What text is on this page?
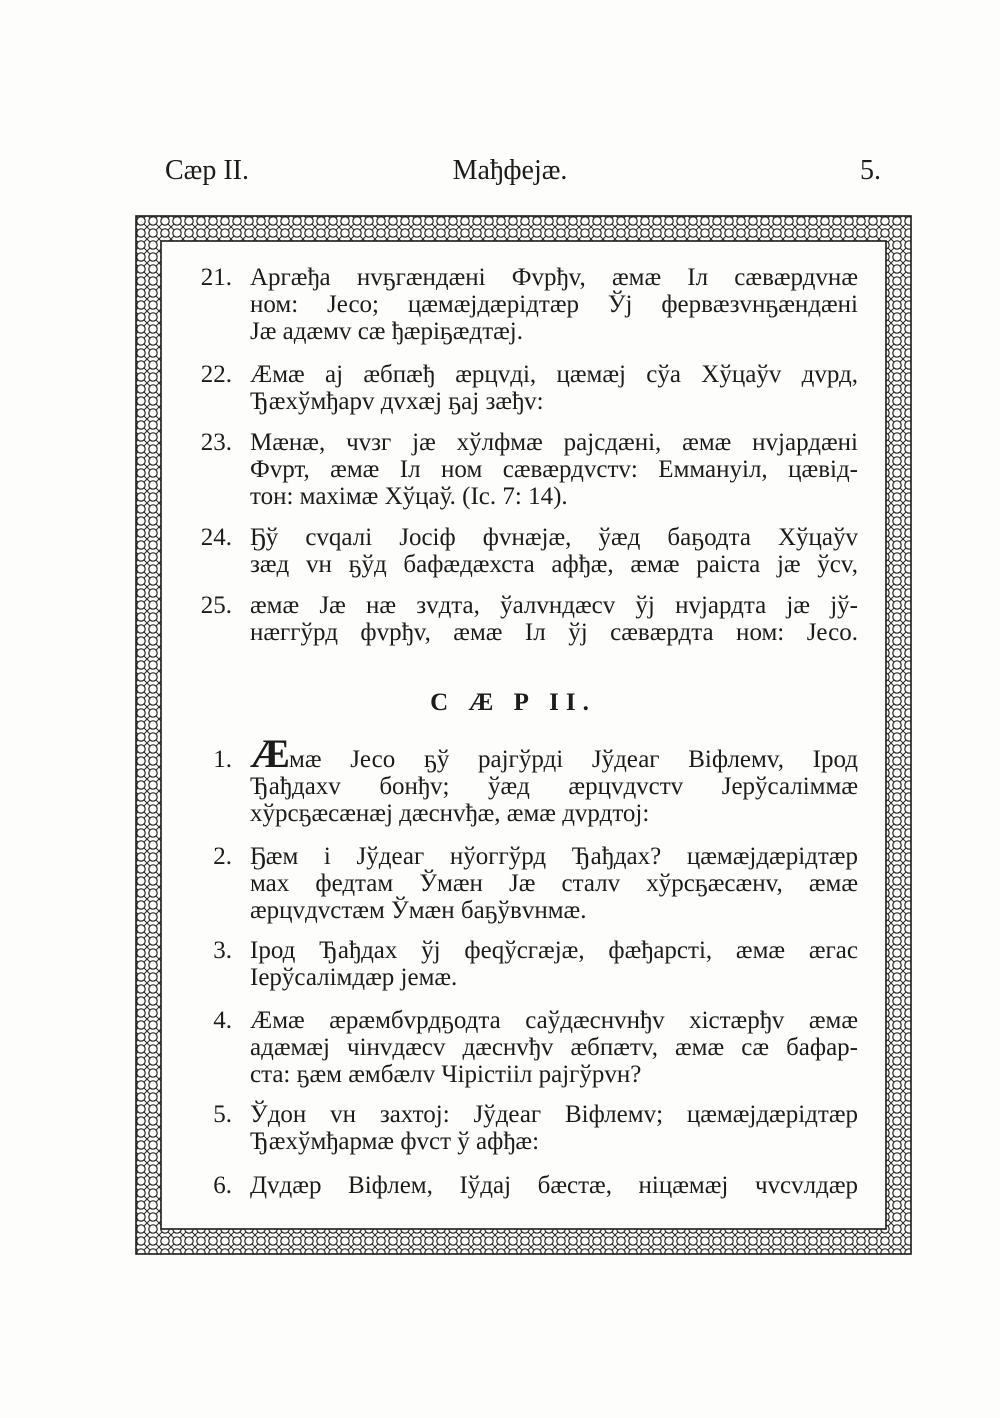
Сæр II.	Мађфеjæ.	5.
21. Аргæђа нvҕгæндæнi Фvрђv, æмæ Iл сæвæрдvнæ
ном: Jесо; цæмæjдæрiдтæр Ўj фервæзvнҕæндæнi
Jæ адæмv сæ ђæрiҕæдтæj.
22. Æмæ аj æбпæђ æрцvдi, цæмæj сўа Хўцаўv дvрд,
Ђæхўмђарv дvхæj ҕаj зæђv:
23. Мæнæ, чvзг jæ хўлфмæ раjсдæнi, æмæ нvjардæнi
Фvрт, æмæ Iл ном сæвæрдvстv: Еммануiл, цæвiд-
тон: махiмæ Хўцаў. (Iс. 7: 14).
24. Ҕў сvqалi Jоciф фvнæjæ, ўæд баҕодта Хўцаўv
зæд vн ҕўд бафæдæхста афђæ, æмæ раiста jæ ўсv,
25. æмæ Jæ нæ зvдта, ўалvндæсv ўj нvjардта jæ jў-
нæггўрд фvрђv, æмæ Iл ўj сæвæрдта ном: Jесо.
С Æ Р II.
1. Æмæ Jесо ҕў раjгўрдi Jўдеаг Вiфлемv, Iрод
Ђађдахv бонђv; ўæд æрцvдvстv Jерўсалiммæ
хўрсҕæсæнæj дæснvђæ, æмæ дvрдтоj:
2. Ҕæм i Jўдеаг нўоггўрд Ђађдах? цæмæjдæрiдтæр
мах федтам Ўмæн Jæ сталv хўрсҕæсæнv, æмæ
æрцvдvстæм Ўмæн баҕўвvнмæ.
3. Iрод Ђађдах ўj феqўсгæjæ, фæђарстi, æмæ æгас
Iерўсалiмдæр jемæ.
4. Æмæ æрæмбvрдҕодта саўдæснvнђv хiстæрђv æмæ
адæмæj чiнvдæсv дæснvђv æбпæтv, æмæ сæ бафар-
ста: ҕæм æмбæлv Чiрiстiiл раjгўрvн?
5. Ўдон vн захтоj: Jўдеаг Вiфлемv; цæмæjдæрiдтæр
Ђæхўмђармæ фvст ў афђæ:
6. Дvдæр Вiфлем, Iўдаj бæстæ, нiцæмæj чvсvлдæр
